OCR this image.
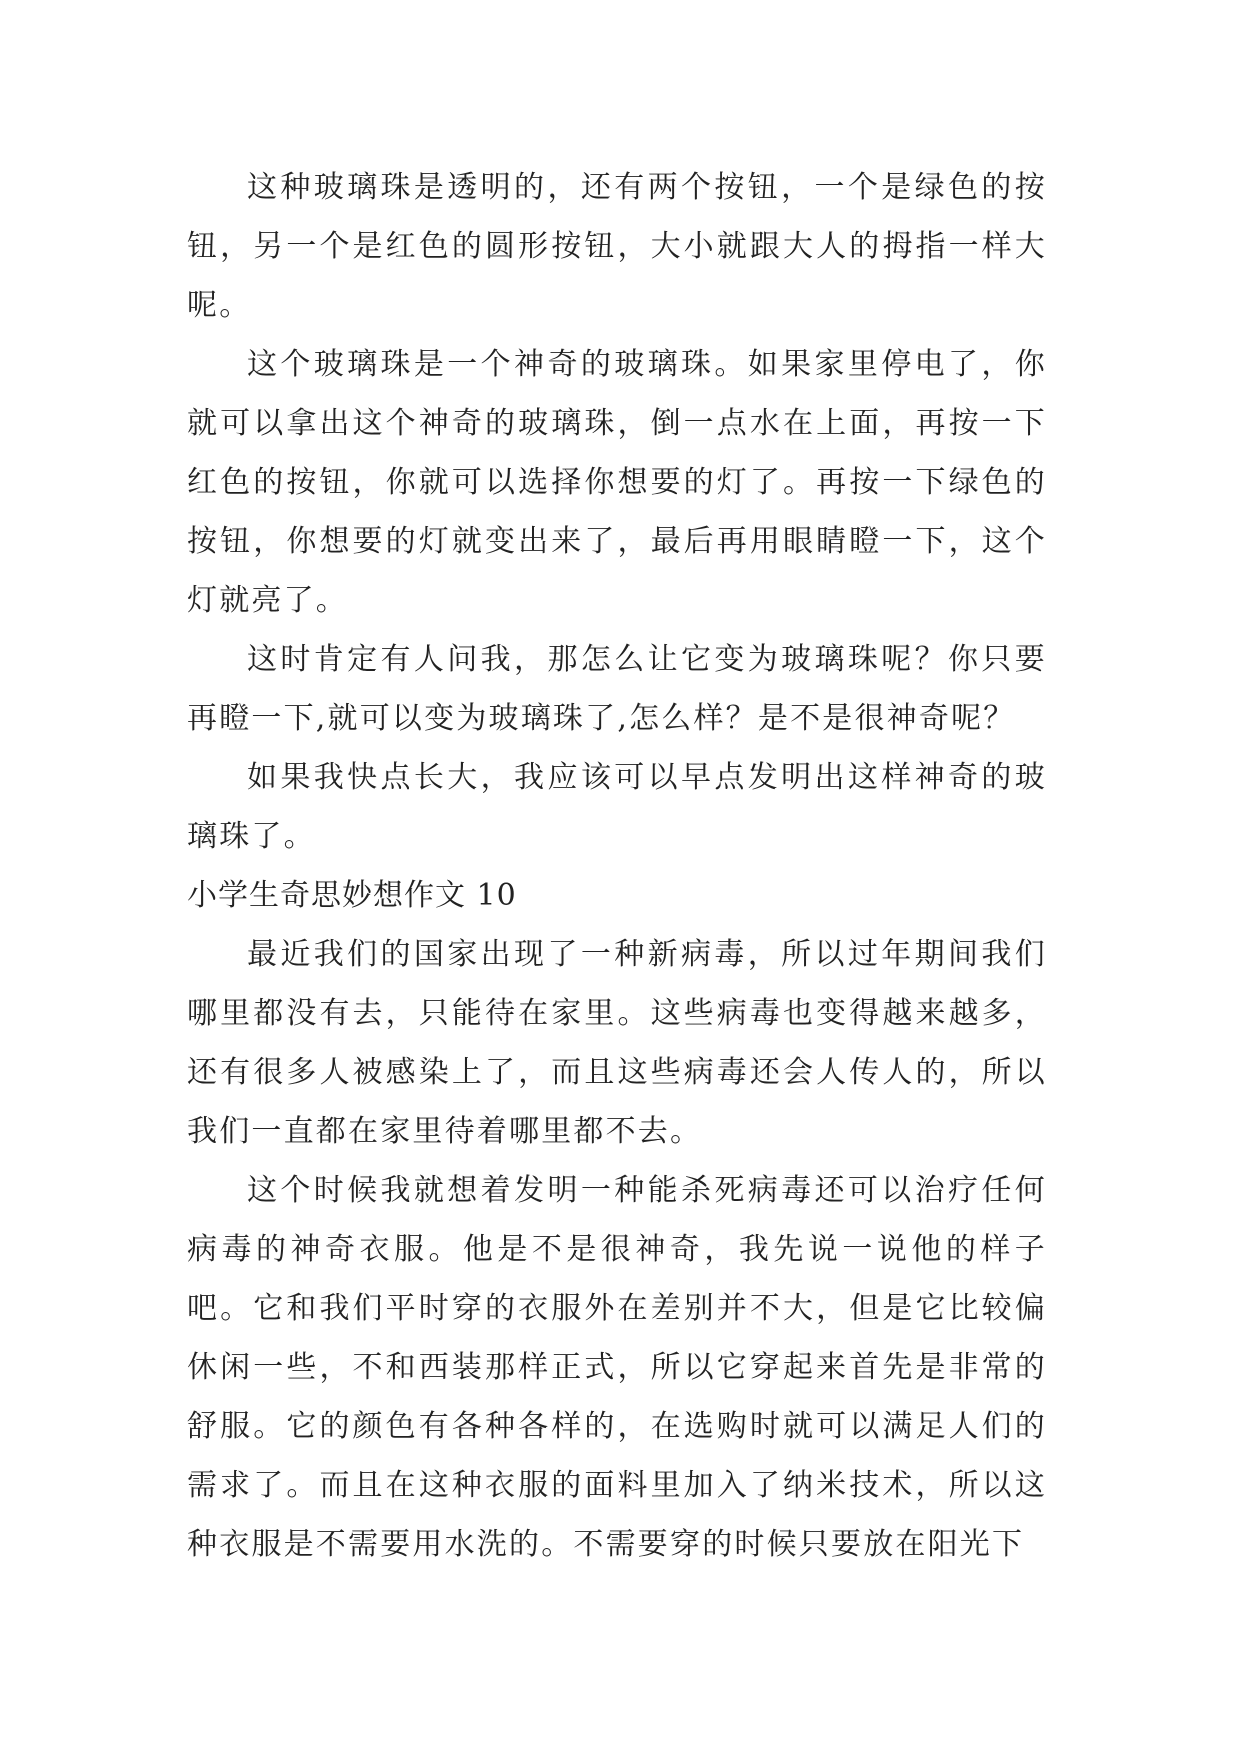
这种玻璃珠是透明的，还有两个按钮，一个是绿色的按钮，另一个是红色的圆形按钮，大小就跟大人的拇指一样大呢。

这个玻璃珠是一个神奇的玻璃珠。如果家里停电了，你就可以拿出这个神奇的玻璃珠，倒一点水在上面，再按一下红色的按钮，你就可以选择你想要的灯了。再按一下绿色的按钮，你想要的灯就变出来了，最后再用眼睛瞪一下，这个灯就亮了。

这时肯定有人问我，那怎么让它变为玻璃珠呢？你只要再瞪一下,就可以变为玻璃珠了,怎么样？是不是很神奇呢？

如果我快点长大，我应该可以早点发明出这样神奇的玻璃珠了。

小学生奇思妙想作文 10

最近我们的国家出现了一种新病毒，所以过年期间我们哪里都没有去，只能待在家里。这些病毒也变得越来越多，还有很多人被感染上了，而且这些病毒还会人传人的，所以我们一直都在家里待着哪里都不去。

这个时候我就想着发明一种能杀死病毒还可以治疗任何病毒的神奇衣服。他是不是很神奇，我先说一说他的样子吧。它和我们平时穿的衣服外在差别并不大，但是它比较偏休闲一些，不和西装那样正式，所以它穿起来首先是非常的舒服。它的颜色有各种各样的，在选购时就可以满足人们的需求了。而且在这种衣服的面料里加入了纳米技术，所以这种衣服是不需要用水洗的。不需要穿的时候只要放在阳光下
